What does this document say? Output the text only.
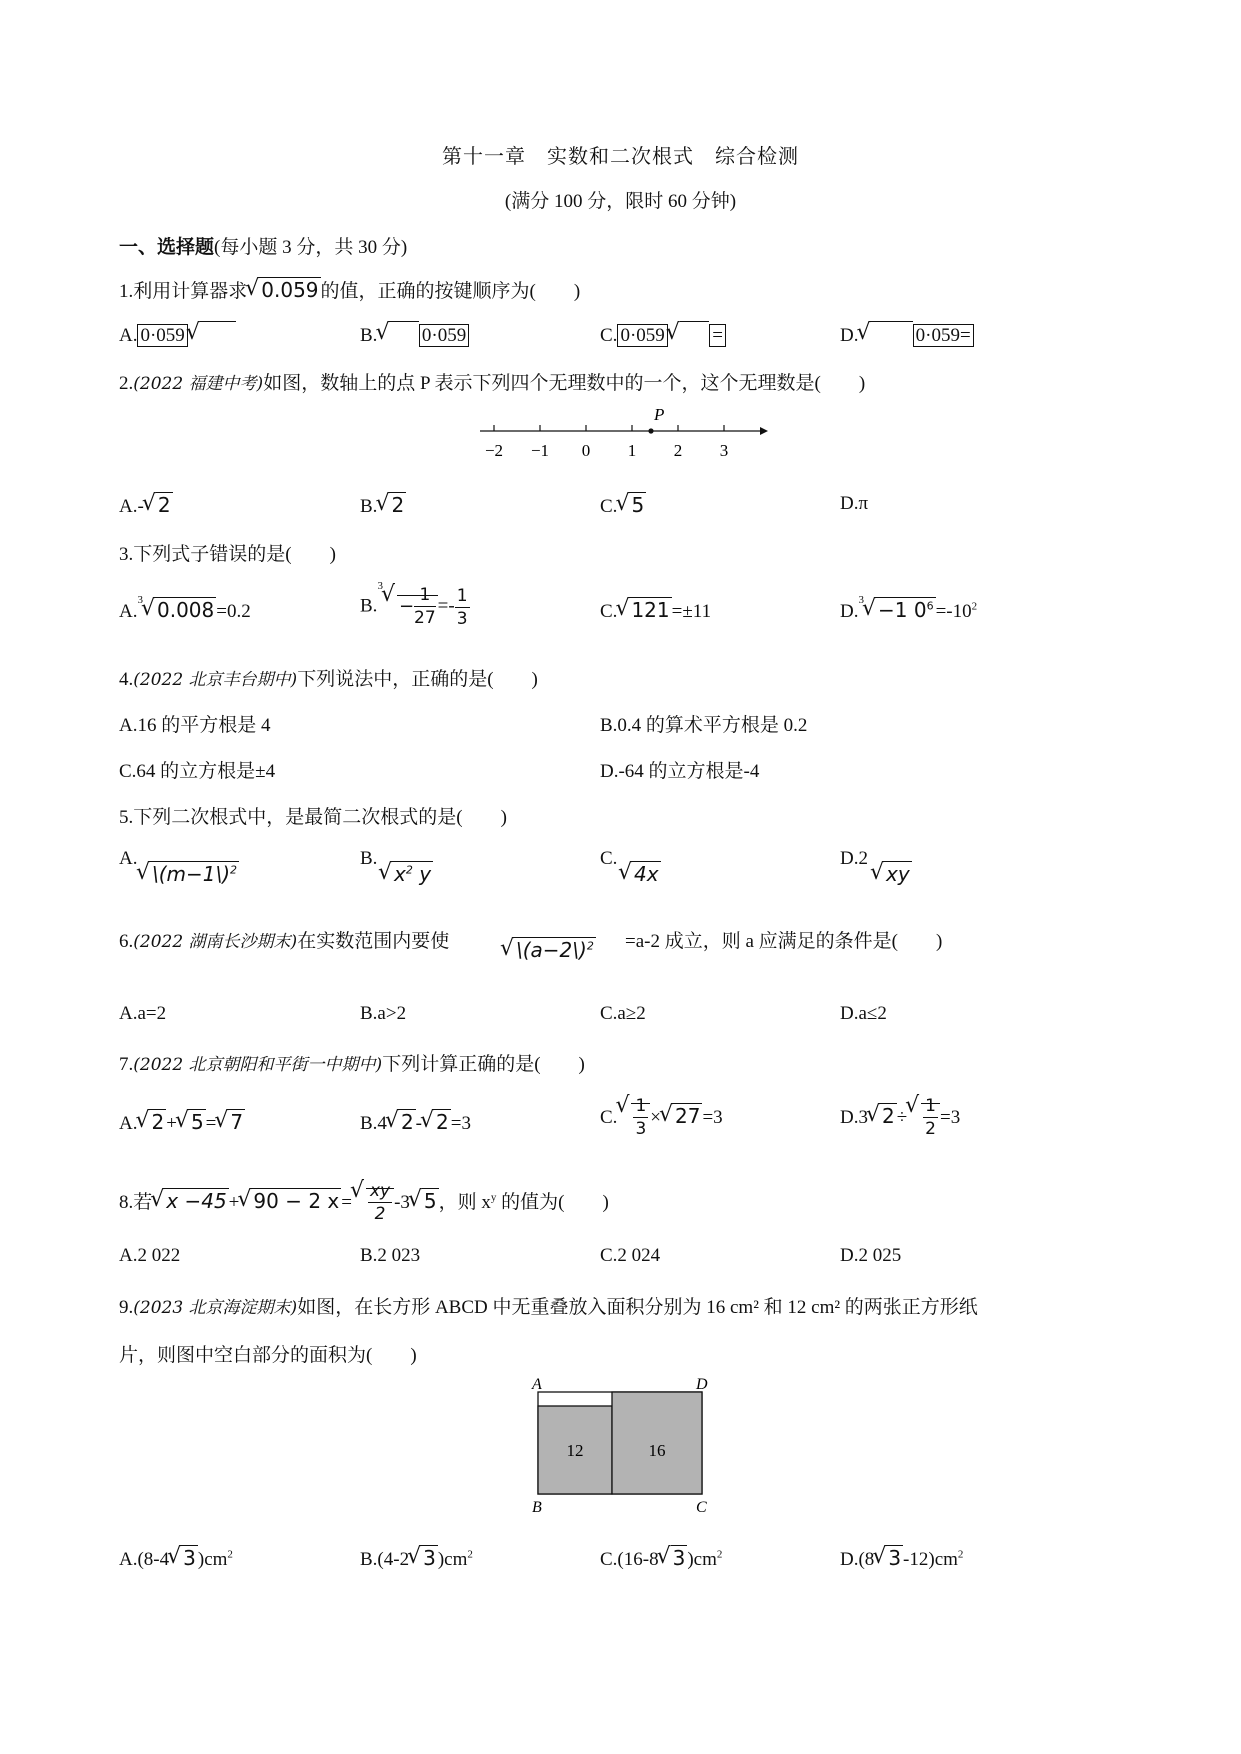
第十一章　实数和二次根式　综合检测
(满分 100 分，限时 60 分钟)
一、选择题(每小题 3 分，共 30 分)
1.利用计算器求√ 0.059 的值，正确的按键顺序为(　　)
A. 0·059√	B.√ 0·059	C. 0·059√ =	D.√	0·059=
2.(2022 福建中考)如图，数轴上的点 P 表示下列四个无理数中的一个，这个无理数是(　　)
P
−2 −1 0 1 2 3
A.-√ 2	B.√ 2	C.√ 5	D.π
3.下列式子错误的是(　　)
A.$^3$√ 0.008 =0.2	$B.^3√ - \frac{1}{27} =- \frac{1}{3}$	C.√ 121 =±11	D.$^3$√ −1 $0^6 =-10^2$
4.(2022 北京丰台期中)下列说法中，正确的是(　　)
A.16 的平方根是 4	B.0.4 的算术平方根是 0.2
C.64 的立方根是±4	D.-64 的立方根是-4
5.下列二次根式中，是最简二次根式的是(　　)
A.
√ \(m−1\)$^2$
B.
√ $x^2$ y
C.
√ 4x
D.2
√ xy
6.(2022 湖南长沙期末)在实数范围内要使
√	\(a−2\)$^2$ =a-2 成立，则 a 应满足的条件是(　　)
A.a=2	B.a>2	C.a≥2	D.a≤2
7.(2022 北京朝阳和平街一中期中)下列计算正确的是(　　)
A.√ 2 +√ 5 =√ 7	B.4√ 2 -√ 2 =3	C.
√ $\frac{1}{3}$ ×√ 27 =3	D.3√ 2 ÷
√ $\frac{1}{2} =3$
8.若√ x −45 +√ 90 − 2 x =
√ $\frac{xy}{2} -3√$ 5 ，则 $x^y$ 的值为(　　)
A.2 022	B.2 023	C.2 024	D.2 025
9.(2023 北京海淀期末)如图，在长方形 ABCD 中无重叠放入面积分别为 16 cm² 和 12 cm² 的两张正方形纸
片，则图中空白部分的面积为(　　)
12	16
A	D
B	C
A.(8-4√ 3 )$cm^2$	B.(4-2√ 3 )$cm^2$	C.(16-8√ 3 )$cm^2$	D.(8√ 3 $-12)cm^2$
